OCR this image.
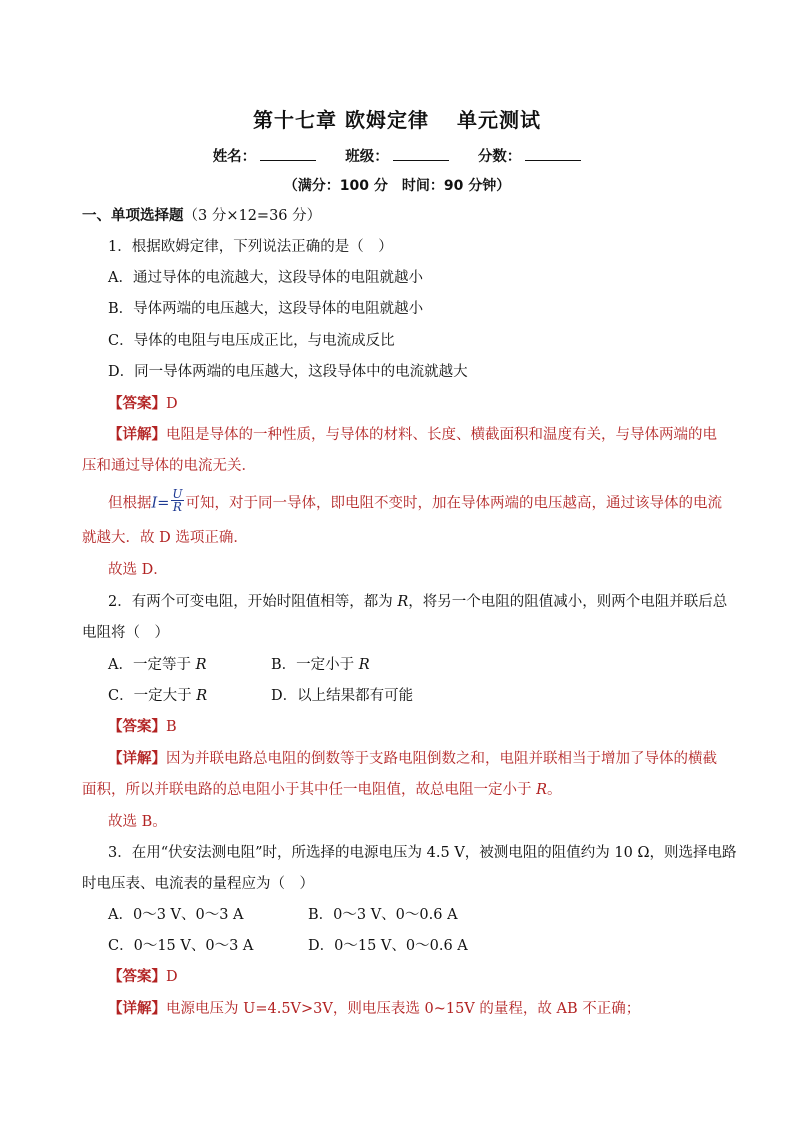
第十七章 欧姆定律 单元测试
姓名：	班级：	分数：
（满分：100 分　时间：90 分钟）
一、单项选择题（3 分×12=36 分）
1．根据欧姆定律，下列说法正确的是（　）
A．通过导体的电流越大，这段导体的电阻就越小
B．导体两端的电压越大，这段导体的电阻就越小
C．导体的电阻与电压成正比，与电流成反比
D．同一导体两端的电压越大，这段导体中的电流就越大
【答案】D
【详解】电阻是导体的一种性质，与导体的材料、长度、横截面积和温度有关，与导体两端的电
压和通过导体的电流无关．
但根据$I= \frac{U}{R}$ 可知，对于同一导体，即电阻不变时，加在导体两端的电压越高，通过该导体的电流
就越大．故 D 选项正确．
故选 D．
2．有两个可变电阻，开始时阻值相等，都为 R，将另一个电阻的阻值减小，则两个电阻并联后总
电阻将（　）
A．一定等于 R	B．一定小于 R
C．一定大于 R	D．以上结果都有可能
【答案】B
【详解】因为并联电路总电阻的倒数等于支路电阻倒数之和，电阻并联相当于增加了导体的横截
面积，所以并联电路的总电阻小于其中任一电阻值，故总电阻一定小于 R。
故选 B。
3．在用“伏安法测电阻”时，所选择的电源电压为 4.5 V，被测电阻的阻值约为 10 Ω，则选择电路
时电压表、电流表的量程应为（　）
A．0～3 V、0～3 A	B．0～3 V、0～0.6 A
C．0～15 V、0～3 A	D．0～15 V、0～0.6 A
【答案】D
【详解】电源电压为 U=4.5V>3V，则电压表选 0~15V 的量程，故 AB 不正确；
